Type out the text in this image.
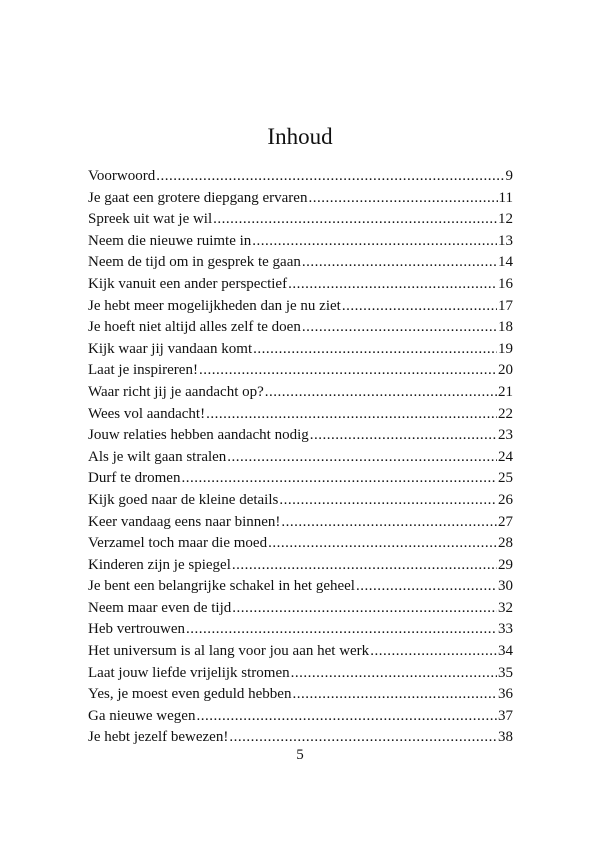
Inhoud
Voorwoord .....	9
Je gaat een grotere diepgang ervaren .....	11
Spreek uit wat je wil .....	12
Neem die nieuwe ruimte in .....	13
Neem de tijd om in gesprek te gaan .....	14
Kijk vanuit een ander perspectief .....	16
Je hebt meer mogelijkheden dan je nu ziet .....	17
Je hoeft niet altijd alles zelf te doen .....	18
Kijk waar jij vandaan komt .....	19
Laat je inspireren! .....	20
Waar richt jij je aandacht op? .....	21
Wees vol aandacht! .....	22
Jouw relaties hebben aandacht nodig .....	23
Als je wilt gaan stralen .....	24
Durf te dromen .....	25
Kijk goed naar de kleine details .....	26
Keer vandaag eens naar binnen! .....	27
Verzamel toch maar die moed .....	28
Kinderen zijn je spiegel .....	29
Je bent een belangrijke schakel in het geheel .....	30
Neem maar even de tijd .....	32
Heb vertrouwen .....	33
Het universum is al lang voor jou aan het werk .....	34
Laat jouw liefde vrijelijk stromen .....	35
Yes, je moest even geduld hebben .....	36
Ga nieuwe wegen .....	37
Je hebt jezelf bewezen! .....	38
5
